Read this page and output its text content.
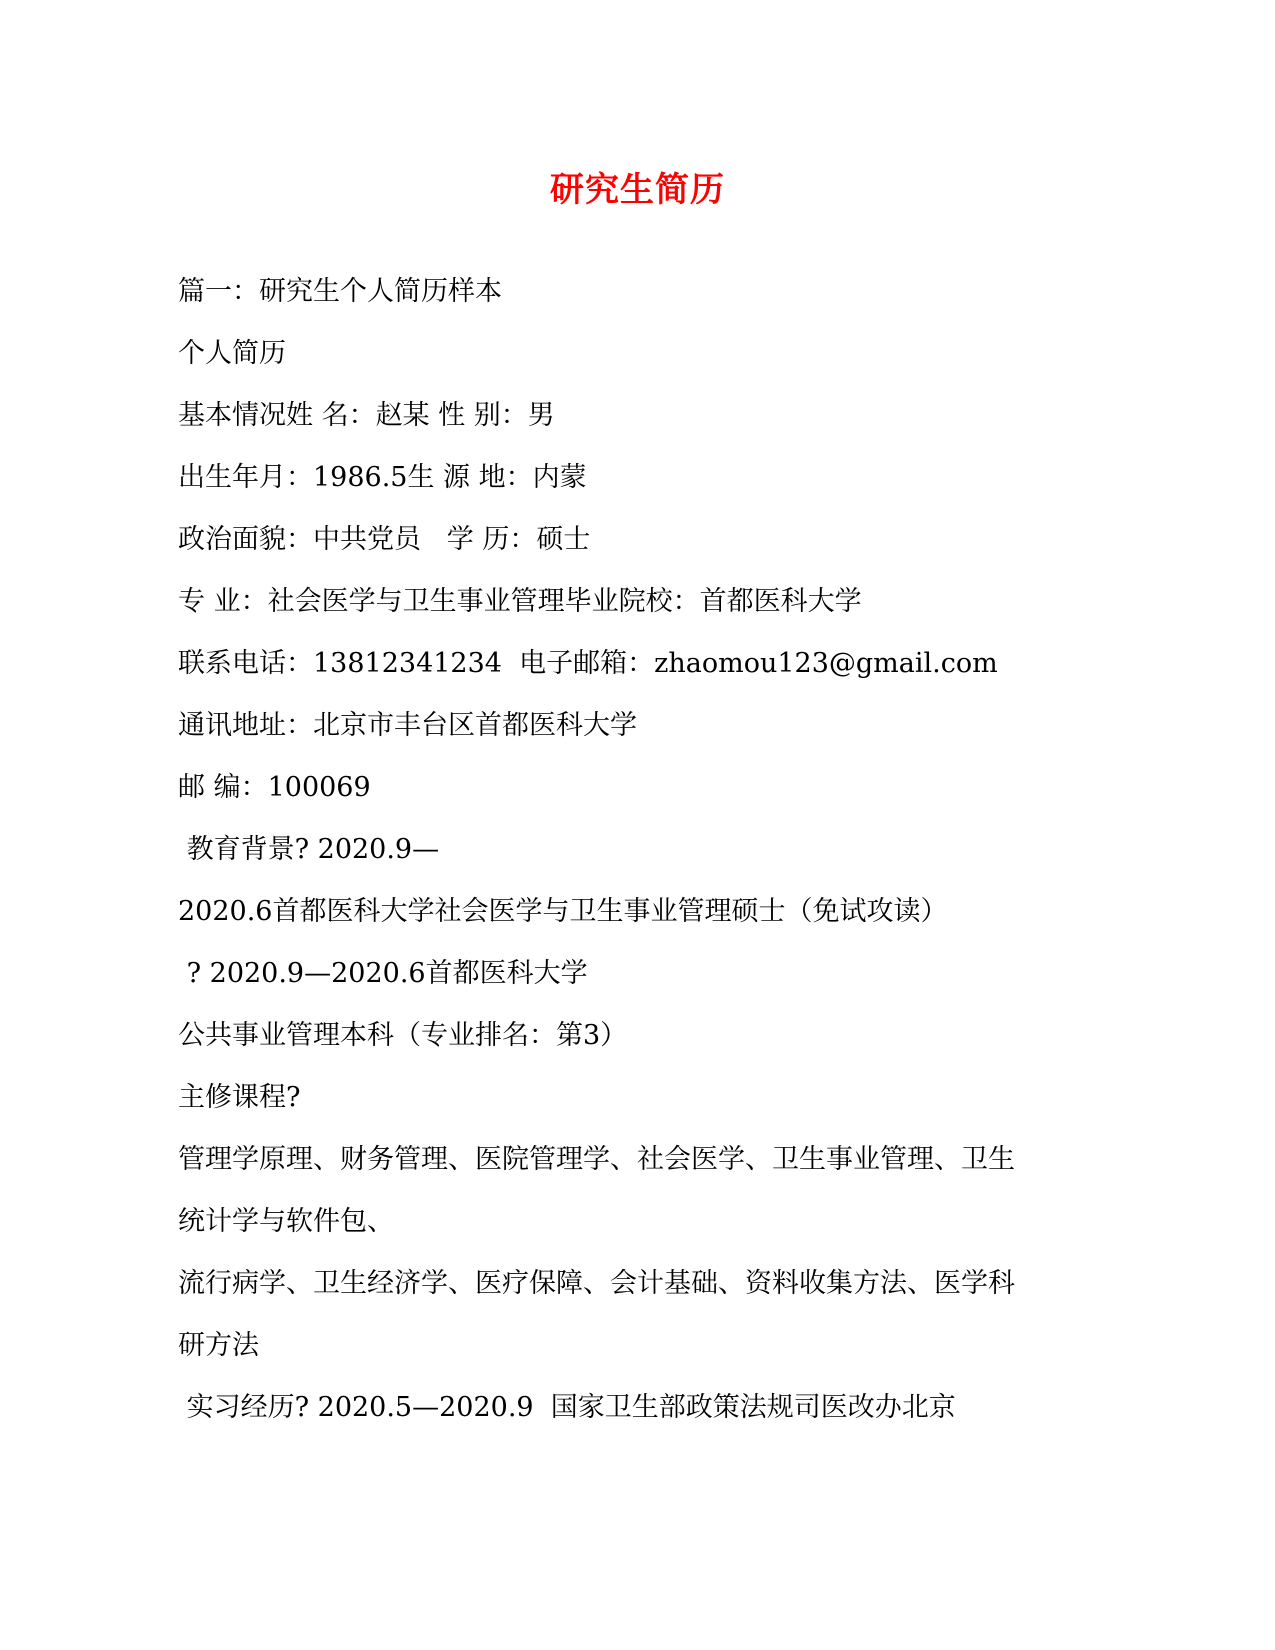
研究生简历
篇一：研究生个人简历样本
个人简历
基本情况姓 名：赵某 性 别：男
出生年月：1986.5生 源 地：内蒙
政治面貌：中共党员   学 历：硕士
专 业：社会医学与卫生事业管理毕业院校：首都医科大学
联系电话：13812341234  电子邮箱：zhaomou123@gmail.com
通讯地址：北京市丰台区首都医科大学
邮 编：100069
教育背景? 2020.9—
2020.6首都医科大学社会医学与卫生事业管理硕士（免试攻读）
? 2020.9—2020.6首都医科大学
公共事业管理本科（专业排名：第3）
主修课程?
管理学原理、财务管理、医院管理学、社会医学、卫生事业管理、卫生
统计学与软件包、
流行病学、卫生经济学、医疗保障、会计基础、资料收集方法、医学科
研方法
实习经历? 2020.5—2020.9  国家卫生部政策法规司医改办北京
